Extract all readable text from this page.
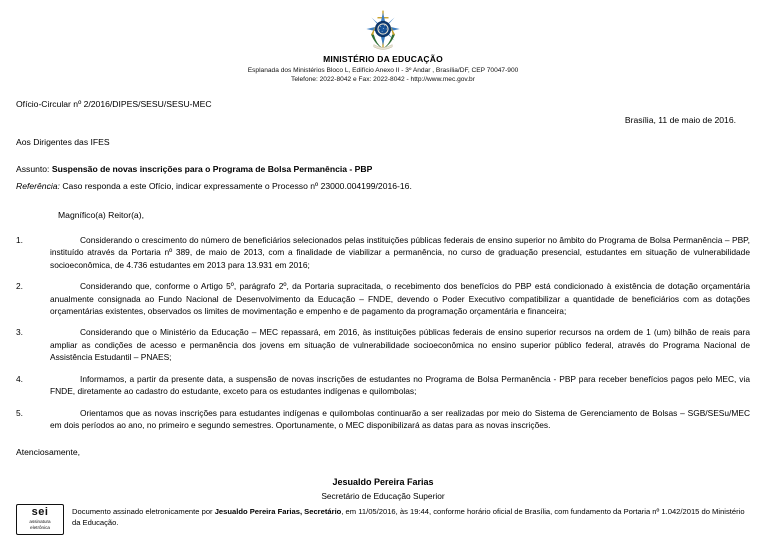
MINISTÉRIO DA EDUCAÇÃO
Esplanada dos Ministérios Bloco L, Edifício Anexo II - 3º Andar , Brasília/DF, CEP 70047-900
Telefone: 2022-8042 e Fax: 2022-8042 - http://www.mec.gov.br
Ofício-Circular nº 2/2016/DIPES/SESU/SESU-MEC
Brasília, 11 de maio de 2016.
Aos Dirigentes das IFES
Assunto: Suspensão de novas inscrições para o Programa de Bolsa Permanência - PBP
Referência: Caso responda a este Ofício, indicar expressamente o Processo nº 23000.004199/2016-16.
Magnífico(a) Reitor(a),
1.	Considerando o crescimento do número de beneficiários selecionados pelas instituições públicas federais de ensino superior no âmbito do Programa de Bolsa Permanência – PBP, instituído através da Portaria nº 389, de maio de 2013, com a finalidade de viabilizar a permanência, no curso de graduação presencial, estudantes em situação de vulnerabilidade socioeconômica, de 4.736 estudantes em 2013 para 13.931 em 2016;
2.	Considerando que, conforme o Artigo 5º, parágrafo 2º, da Portaria supracitada, o recebimento dos benefícios do PBP está condicionado à existência de dotação orçamentária anualmente consignada ao Fundo Nacional de Desenvolvimento da Educação – FNDE, devendo o Poder Executivo compatibilizar a quantidade de beneficiários com as dotações orçamentárias existentes, observados os limites de movimentação e empenho e de pagamento da programação orçamentária e financeira;
3.	Considerando que o Ministério da Educação – MEC repassará, em 2016, às instituições públicas federais de ensino superior recursos na ordem de 1 (um) bilhão de reais para ampliar as condições de acesso e permanência dos jovens em situação de vulnerabilidade socioeconômica no ensino superior público federal, através do Programa Nacional de Assistência Estudantil – PNAES;
4.	Informamos, a partir da presente data, a suspensão de novas inscrições de estudantes no Programa de Bolsa Permanência - PBP para receber benefícios pagos pelo MEC, via FNDE, diretamente ao cadastro do estudante, exceto para os estudantes indígenas e quilombolas;
5.	Orientamos que as novas inscrições para estudantes indígenas e quilombolas continuarão a ser realizadas por meio do Sistema de Gerenciamento de Bolsas – SGB/SESu/MEC em dois períodos ao ano, no primeiro e segundo semestres. Oportunamente, o MEC disponibilizará as datas para as novas inscrições.
Atenciosamente,
Jesualdo Pereira Farias
Secretário de Educação Superior
sei
assinatura
eletrônica
Documento assinado eletronicamente por Jesualdo Pereira Farias, Secretário, em 11/05/2016, às 19:44, conforme horário oficial de Brasília, com fundamento da Portaria nº 1.042/2015 do Ministério da Educação.
